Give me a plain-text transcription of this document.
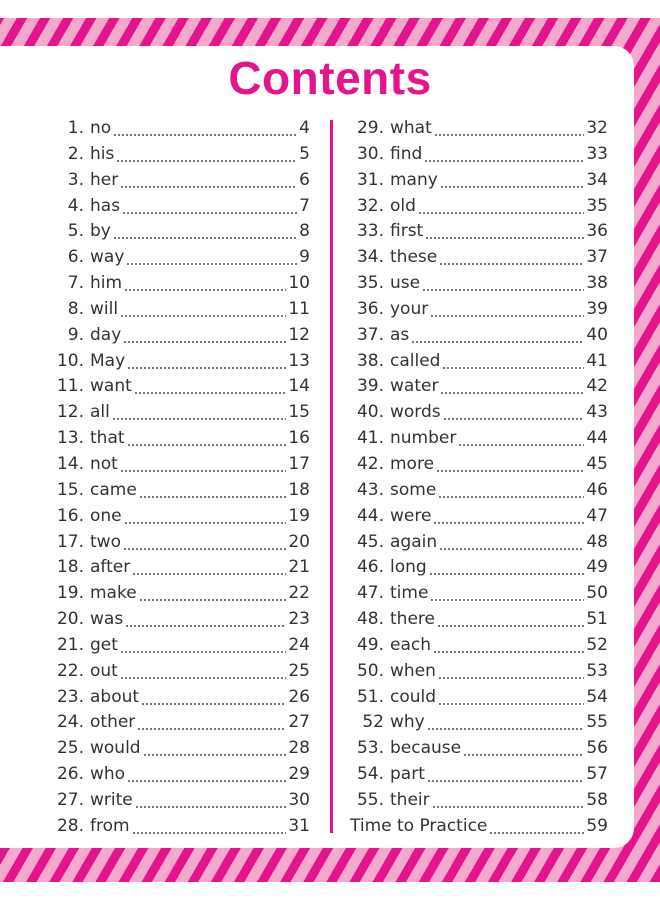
Contents
1. no	4
2. his	5
3. her	6
4. has	7
5. by	8
6. way	9
7. him	10
8. will	11
9. day	12
10. May	13
11. want	14
12. all	15
13. that	16
14. not	17
15. came	18
16. one	19
17. two	20
18. after	21
19. make	22
20. was	23
21. get	24
22. out	25
23. about	26
24. other	27
25. would	28
26. who	29
27. write	30
28. from	31
29. what	32
30. find	33
31. many	34
32. old	35
33. first	36
34. these	37
35. use	38
36. your	39
37. as	40
38. called	41
39. water	42
40. words	43
41. number	44
42. more	45
43. some	46
44. were	47
45. again	48
46. long	49
47. time	50
48. there	51
49. each	52
50. when	53
51. could	54
52 why	55
53. because	56
54. part	57
55. their	58
Time to Practice	59
